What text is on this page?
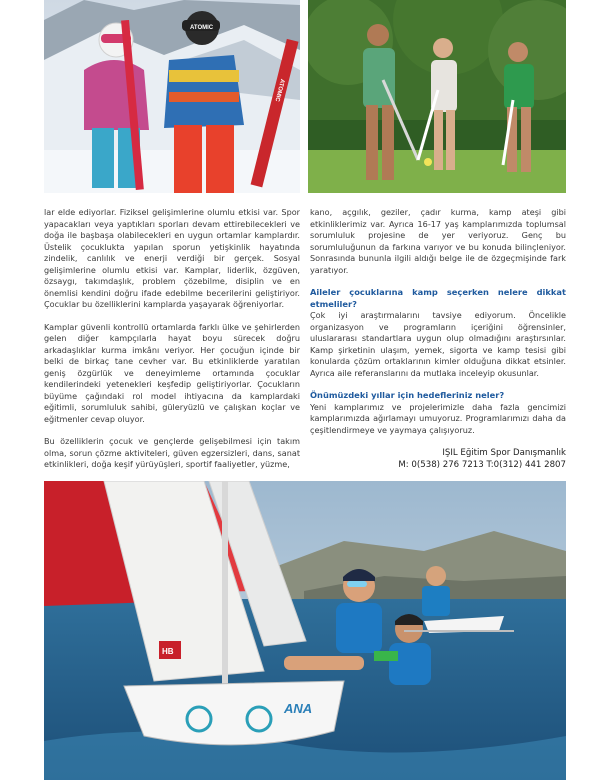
ATOMIC
ATOMIC

lar elde ediyorlar. Fiziksel gelişimlerine olumlu etkisi var. Spor yapacakları veya yaptıkları sporları devam ettirebilecekleri ve doğa ile başbaşa olabilecekleri en uygun ortamlar kamplardır. Üstelik çocuklukta yapılan sporun yetişkinlik hayatında zindelik, canlılık ve enerji verdiği bir gerçek. Sosyal gelişimlerine olumlu etkisi var. Kamplar, liderlik, özgüven, özsaygı, takımdaşlık, problem çözebilme, disiplin ve en önemlisi kendini doğru ifade edebilme becerilerini geliştiriyor. Çocuklar bu özelliklerini kamplarda yaşayarak öğreniyorlar.

Kamplar güvenli kontrollü ortamlarda farklı ülke ve şehirlerden gelen diğer kampçılarla hayat boyu sürecek doğru arkadaşlıklar kurma imkânı veriyor. Her çocuğun içinde bir belki de birkaç tane cevher var. Bu etkinliklerde yaratılan geniş özgürlük ve deneyimleme ortamında çocuklar kendilerindeki yetenekleri keşfedip geliştiriyorlar. Çocukların büyüme çağındaki rol model ihtiyacına da kamplardaki eğitimli, sorumluluk sahibi, güleryüzlü ve çalışkan koçlar ve eğitmenler cevap oluyor.

Bu özelliklerin çocuk ve gençlerde gelişebilmesi için takım olma, sorun çözme aktiviteleri, güven egzersizleri, dans, sanat etkinlikleri, doğa keşif yürüyüşleri, sportif faaliyetler, yüzme,

kano, açgılık, geziler, çadır kurma, kamp ateşi gibi etkinliklerimiz var. Ayrıca 16-17 yaş kamplarımızda toplumsal sorumluluk projesine de yer veriyoruz. Genç bu sorumluluğunun da farkına varıyor ve bu konuda bilinçleniyor. Sonrasında bununla ilgili aldığı belge ile de özgeçmişinde fark yaratıyor.

Aileler çocuklarına kamp seçerken nelere dikkat etmeliler?

Çok iyi araştırmalarını tavsiye ediyorum. Öncelikle organizasyon ve programların içeriğini öğrensinler, uluslararası standartlara uygun olup olmadığını araştırsınlar. Kamp şirketinin ulaşım, yemek, sigorta ve kamp tesisi gibi konularda çözüm ortaklarının kimler olduğuna dikkat etsinler. Ayrıca aile referanslarını da mutlaka inceleyip okusunlar.

Önümüzdeki yıllar için hedefleriniz neler?

Yeni kamplarımız ve projelerimizle daha fazla gencimizi kamplarımızda ağırlamayı umuyoruz. Programlarımızı daha da çeşitlendirmeye ve yaymaya çalışıyoruz.

IŞIL Eğitim Spor Danışmanlık
M: 0(538) 276 7213 T:0(312) 441 2807
HB
ANA
